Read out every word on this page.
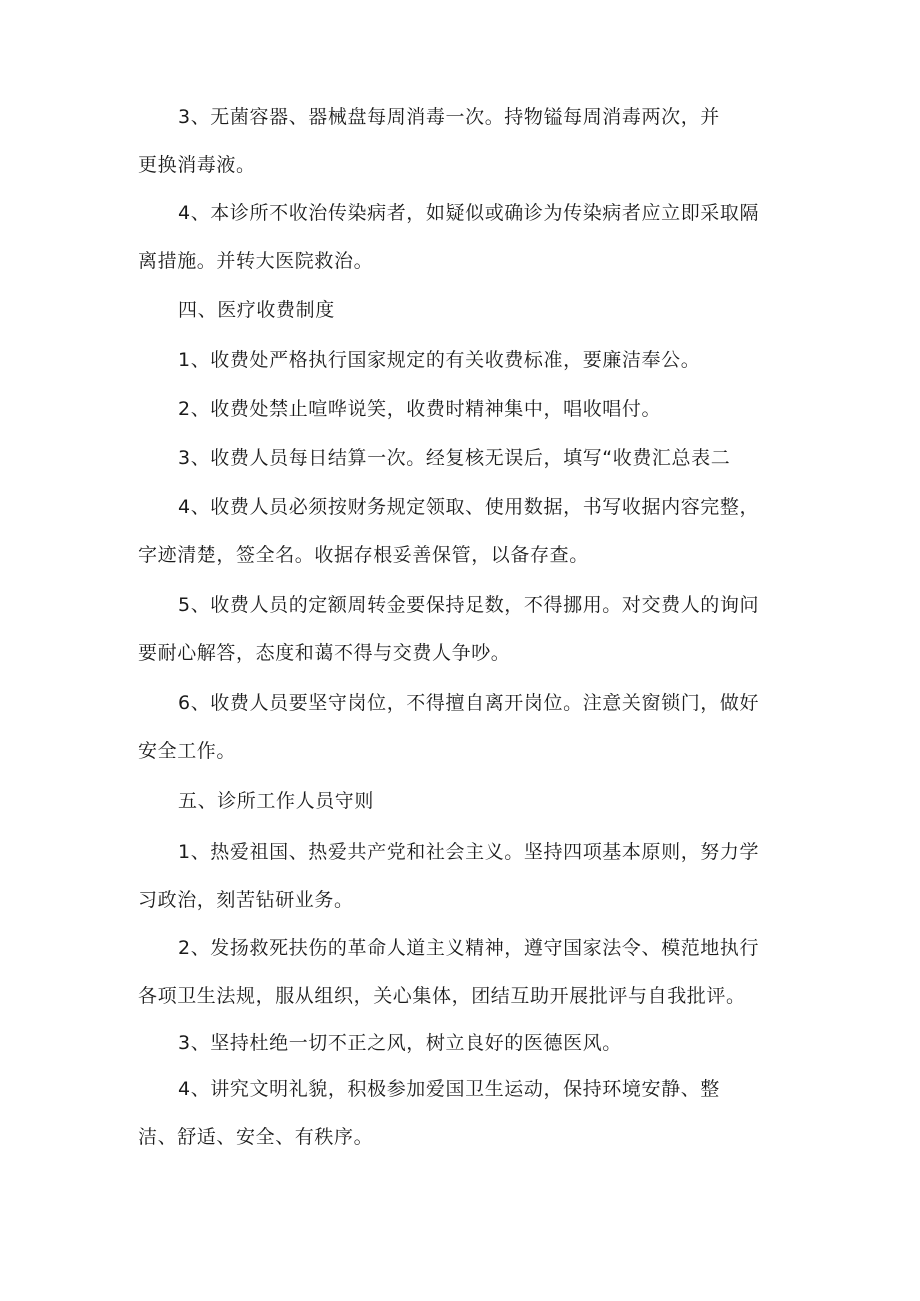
3、无菌容器、器械盘每周消毒一次。持物镒每周消毒两次，并
更换消毒液。

4、本诊所不收治传染病者，如疑似或确诊为传染病者应立即采取隔
离措施。并转大医院救治。

四、医疗收费制度

1、收费处严格执行国家规定的有关收费标准，要廉洁奉公。

2、收费处禁止喧哗说笑，收费时精神集中，唱收唱付。

3、收费人员每日结算一次。经复核无误后，填写“收费汇总表二

4、收费人员必须按财务规定领取、使用数据，书写收据内容完整，
字迹清楚，签全名。收据存根妥善保管，以备存查。

5、收费人员的定额周转金要保持足数，不得挪用。对交费人的询问
要耐心解答，态度和蔼不得与交费人争吵。

6、收费人员要坚守岗位，不得擅自离开岗位。注意关窗锁门，做好
安全工作。

五、诊所工作人员守则

1、热爱祖国、热爱共产党和社会主义。坚持四项基本原则，努力学
习政治，刻苦钻研业务。

2、发扬救死扶伤的革命人道主义精神，遵守国家法令、模范地执行
各项卫生法规，服从组织，关心集体，团结互助开展批评与自我批评。

3、坚持杜绝一切不正之风，树立良好的医德医风。

4、讲究文明礼貌，积极参加爱国卫生运动，保持环境安静、整
洁、舒适、安全、有秩序。
